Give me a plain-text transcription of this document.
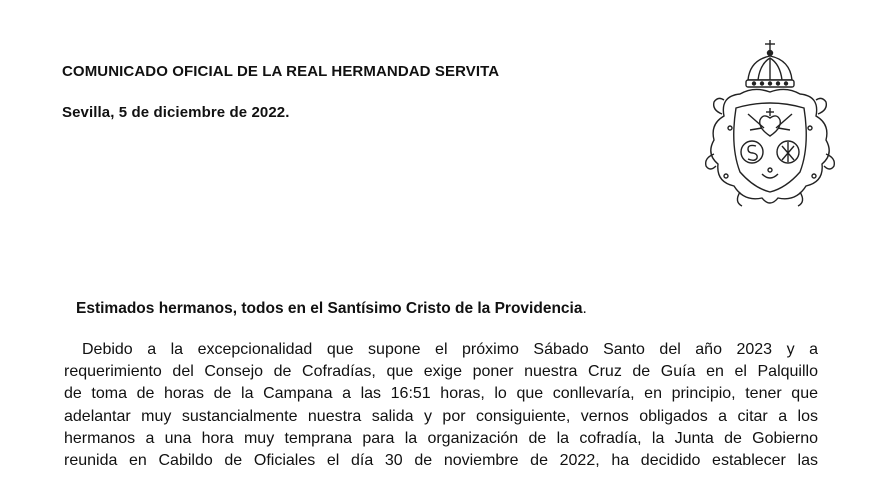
COMUNICADO OFICIAL DE LA REAL HERMANDAD SERVITA
Sevilla, 5 de diciembre de 2022.
Estimados hermanos, todos en el Santísimo Cristo de la Providencia.
Debido a la excepcionalidad que supone el próximo Sábado Santo del año 2023 y a
requerimiento del Consejo de Cofradías, que exige poner nuestra Cruz de Guía en el Palquillo
de toma de horas de la Campana a las 16:51 horas, lo que conllevaría, en principio, tener que
adelantar muy sustancialmente nuestra salida y por consiguiente, vernos obligados a citar a los
hermanos a una hora muy temprana para la organización de la cofradía, la Junta de Gobierno
reunida en Cabildo de Oficiales el día 30 de noviembre de 2022, ha decidido establecer las
